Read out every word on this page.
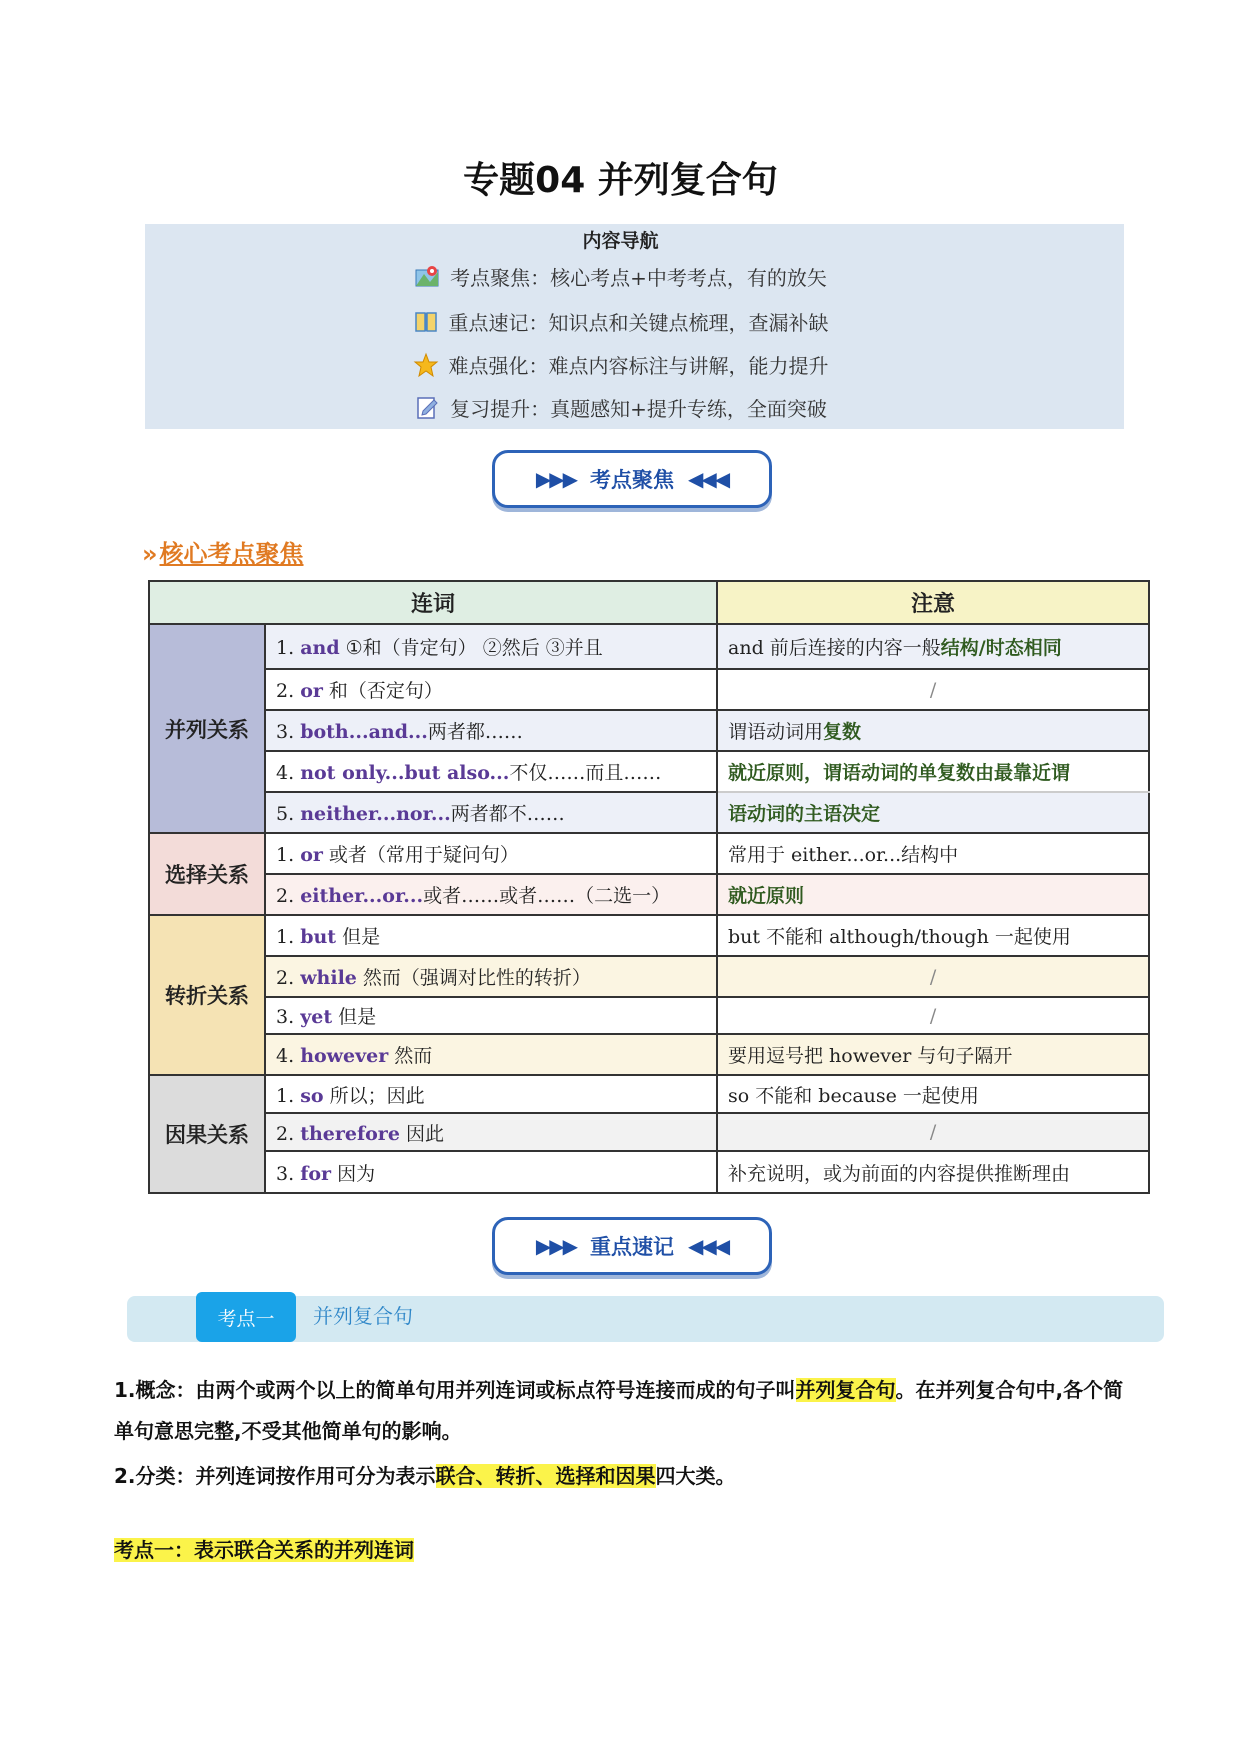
专题04 并列复合句
内容导航
考点聚焦：核心考点+中考考点，有的放矢
重点速记：知识点和关键点梳理，查漏补缺
难点强化：难点内容标注与讲解，能力提升
复习提升：真题感知+提升专练，全面突破
▶▶▶ 考点聚焦 ◀◀◀
»核心考点聚焦
连词		注意
并列关系	1. and ①和（肯定句） ②然后 ③并且	and 前后连接的内容一般结构/时态相同
	2. or 和（否定句）	/
	3. both...and...两者都……	谓语动词用复数
	4. not only...but also...不仅……而且……	就近原则，谓语动词的单复数由最靠近谓
	5. neither...nor...两者都不……	语动词的主语决定
选择关系	1. or 或者（常用于疑问句）	常用于 either...or...结构中
	2. either...or...或者……或者……（二选一）	就近原则
转折关系	1. but 但是	but 不能和 although/though 一起使用
	2. while 然而（强调对比性的转折）	/
	3. yet 但是	/
	4. however 然而	要用逗号把 however 与句子隔开
因果关系	1. so 所以；因此	so 不能和 because 一起使用
	2. therefore 因此	/
	3. for 因为	补充说明，或为前面的内容提供推断理由
▶▶▶ 重点速记 ◀◀◀
考点一	并列复合句
1.概念：由两个或两个以上的简单句用并列连词或标点符号连接而成的句子叫并列复合句。在并列复合句中,各个简单句意思完整,不受其他简单句的影响。
2.分类：并列连词按作用可分为表示联合、转折、选择和因果四大类。
考点一：表示联合关系的并列连词
